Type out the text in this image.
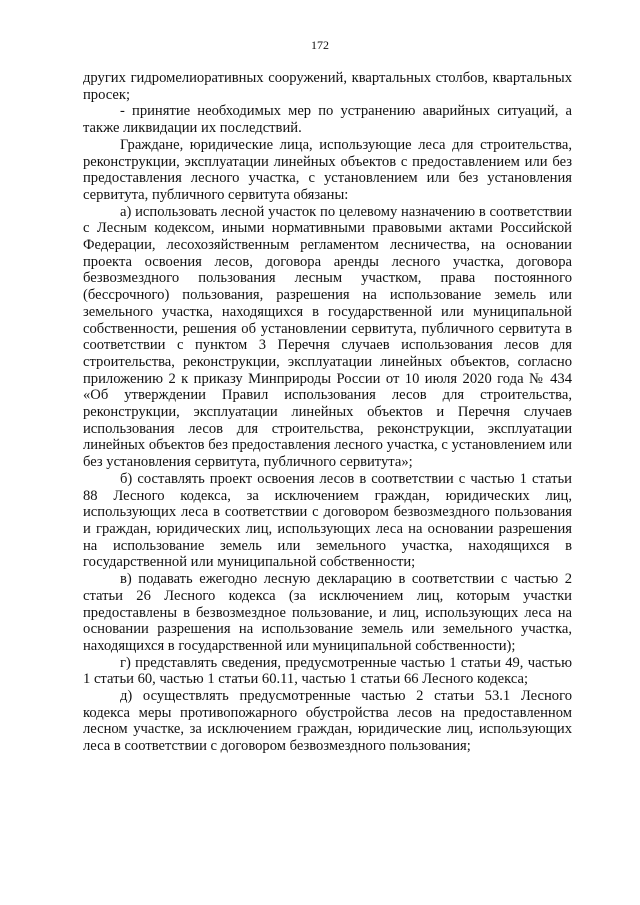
172

других гидромелиоративных сооружений, квартальных столбов, квартальных просек;

- принятие необходимых мер по устранению аварийных ситуаций, а также ликвидации их последствий.

Граждане, юридические лица, использующие леса для строительства, реконструкции, эксплуатации линейных объектов с предоставлением или без предоставления лесного участка, с установлением или без установления сервитута, публичного сервитута обязаны:

а) использовать лесной участок по целевому назначению в соответствии с Лесным кодексом, иными нормативными правовыми актами Российской Федерации, лесохозяйственным регламентом лесничества, на основании проекта освоения лесов, договора аренды лесного участка, договора безвозмездного пользования лесным участком, права постоянного (бессрочного) пользования, разрешения на использование земель или земельного участка, находящихся в государственной или муниципальной собственности, решения об установлении сервитута, публичного сервитута в соответствии с пунктом 3 Перечня случаев использования лесов для строительства, реконструкции, эксплуатации линейных объектов, согласно приложению 2 к приказу Минприроды России от 10 июля 2020 года № 434 «Об утверждении Правил использования лесов для строительства, реконструкции, эксплуатации линейных объектов и Перечня случаев использования лесов для строительства, реконструкции, эксплуатации линейных объектов без предоставления лесного участка, с установлением или без установления сервитута, публичного сервитута»;

б) составлять проект освоения лесов в соответствии с частью 1 статьи 88 Лесного кодекса, за исключением граждан, юридических лиц, использующих леса в соответствии с договором безвозмездного пользования и граждан, юридических лиц, использующих леса на основании разрешения на использование земель или земельного участка, находящихся в государственной или муниципальной собственности;

в) подавать ежегодно лесную декларацию в соответствии с частью 2 статьи 26 Лесного кодекса (за исключением лиц, которым участки предоставлены в безвозмездное пользование, и лиц, использующих леса на основании разрешения на использование земель или земельного участка, находящихся в государственной или муниципальной собственности);

г) представлять сведения, предусмотренные частью 1 статьи 49, частью 1 статьи 60, частью 1 статьи 60.11, частью 1 статьи 66 Лесного кодекса;

д) осуществлять предусмотренные частью 2 статьи 53.1 Лесного кодекса меры противопожарного обустройства лесов на предоставленном лесном участке, за исключением граждан, юридические лиц, использующих леса в соответствии с договором безвозмездного пользования;
